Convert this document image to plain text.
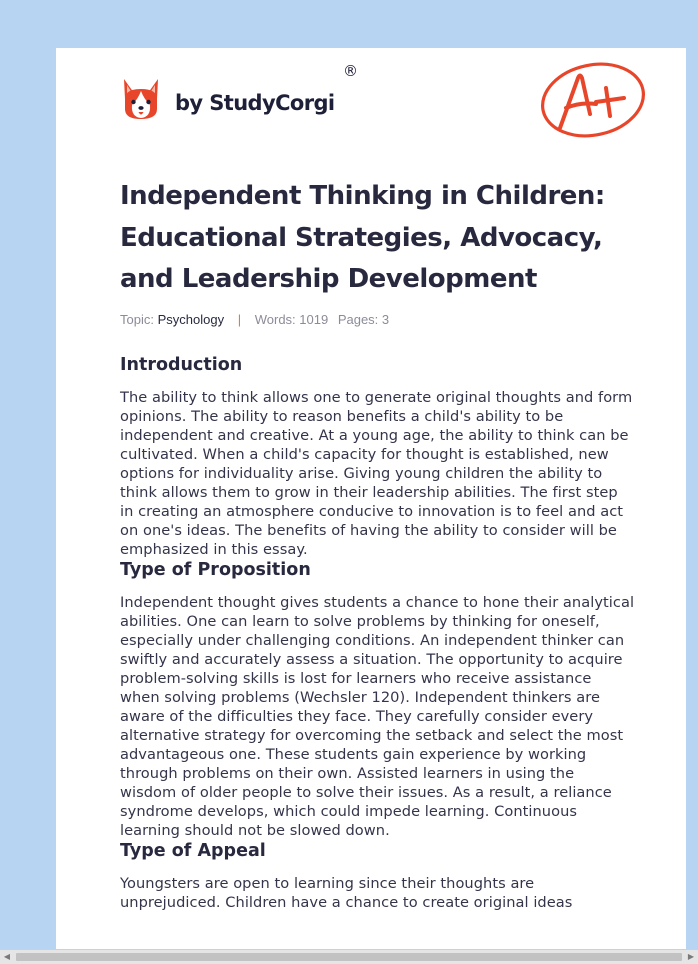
by StudyCorgi
®
A+
Independent Thinking in Children: Educational Strategies, Advocacy, and Leadership Development
Topic: Psychology | Words: 1019 Pages: 3
Introduction

The ability to think allows one to generate original thoughts and form opinions. The ability to reason benefits a child's ability to be independent and creative. At a young age, the ability to think can be cultivated. When a child's capacity for thought is established, new options for individuality arise. Giving young children the ability to think allows them to grow in their leadership abilities. The first step in creating an atmosphere conducive to innovation is to feel and act on one's ideas. The benefits of having the ability to consider will be emphasized in this essay.

Type of Proposition

Independent thought gives students a chance to hone their analytical abilities. One can learn to solve problems by thinking for oneself, especially under challenging conditions. An independent thinker can swiftly and accurately assess a situation. The opportunity to acquire problem-solving skills is lost for learners who receive assistance when solving problems (Wechsler 120). Independent thinkers are aware of the difficulties they face. They carefully consider every alternative strategy for overcoming the setback and select the most advantageous one. These students gain experience by working through problems on their own. Assisted learners in using the wisdom of older people to solve their issues. As a result, a reliance syndrome develops, which could impede learning. Continuous learning should not be slowed down.

Type of Appeal

Youngsters are open to learning since their thoughts are unprejudiced. Children have a chance to create original ideas

◀	▶
